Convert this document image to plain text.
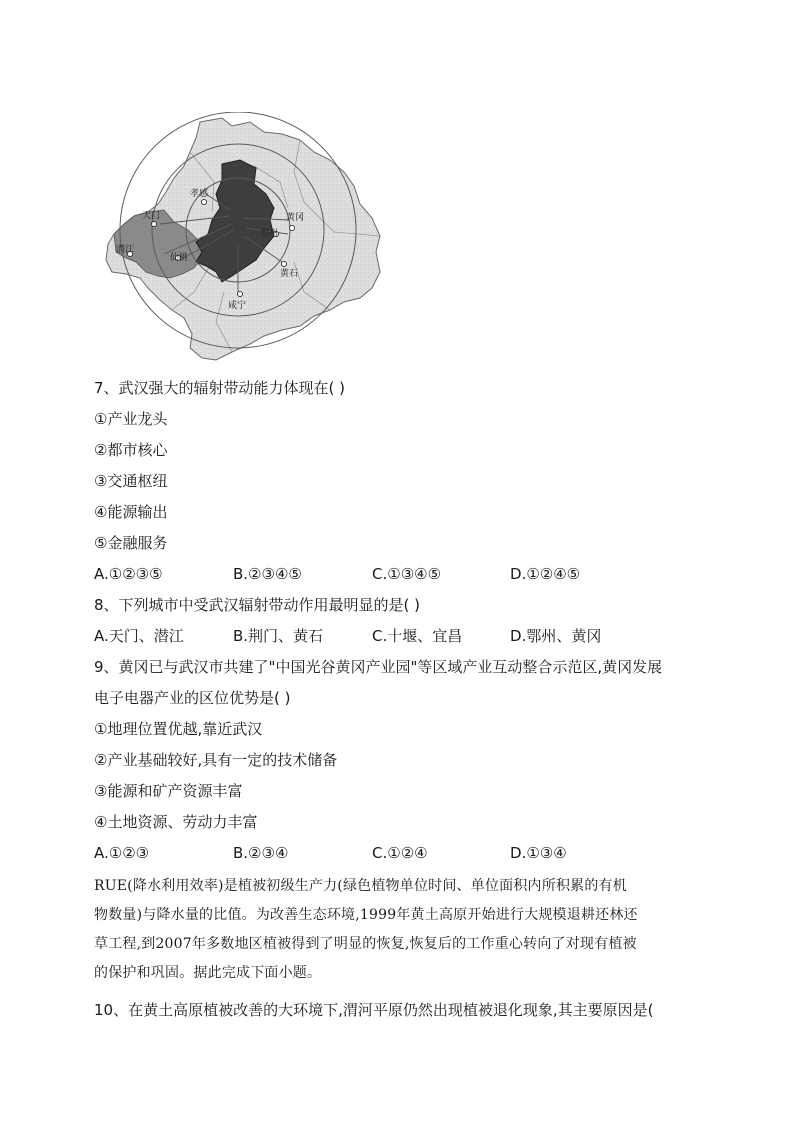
孝感
天门
潜江
仙桃
鄂州
黄冈
黄石
咸宁
7、武汉强大的辐射带动能力体现在( )
①产业龙头
②都市核心
③交通枢纽
④能源输出
⑤金融服务
A.①②③⑤	B.②③④⑤	C.①③④⑤	D.①②④⑤
8、下列城市中受武汉辐射带动作用最明显的是( )
A.天门、潜江	B.荆门、黄石	C.十堰、宜昌	D.鄂州、黄冈
9、黄冈已与武汉市共建了"中国光谷黄冈产业园"等区域产业互动整合示范区,黄冈发展
电子电器产业的区位优势是( )
①地理位置优越,靠近武汉
②产业基础较好,具有一定的技术储备
③能源和矿产资源丰富
④土地资源、劳动力丰富
A.①②③	B.②③④	C.①②④	D.①③④
RUE(降水利用效率)是植被初级生产力(绿色植物单位时间、单位面积内所积累的有机
物数量)与降水量的比值。为改善生态环境,1999年黄土高原开始进行大规模退耕还林还
草工程,到2007年多数地区植被得到了明显的恢复,恢复后的工作重心转向了对现有植被
的保护和巩固。据此完成下面小题。
10、在黄土高原植被改善的大环境下,渭河平原仍然出现植被退化现象,其主要原因是(
